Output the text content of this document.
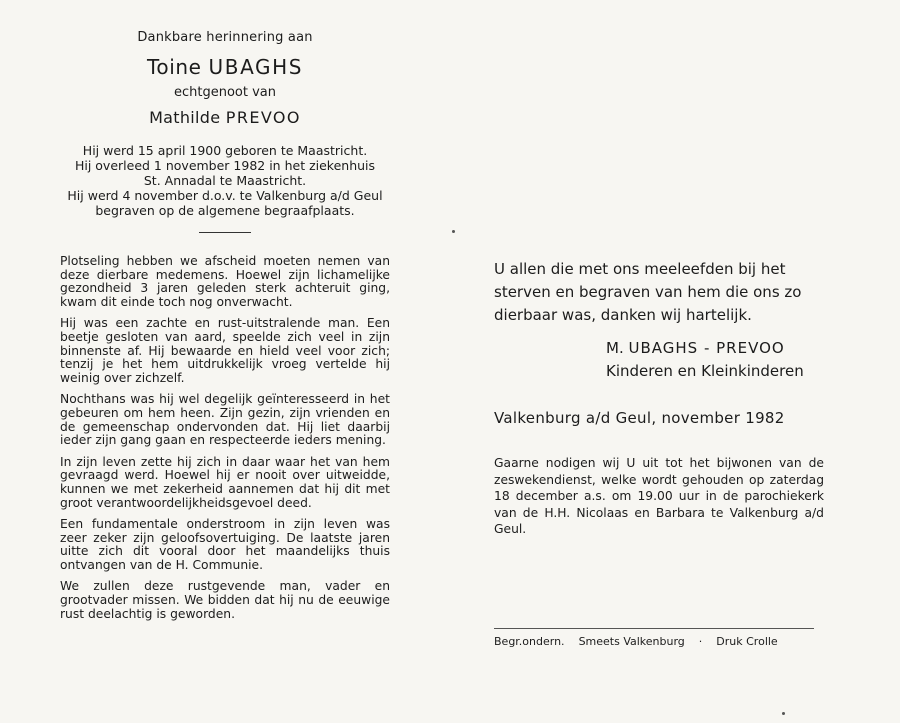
Dankbare herinnering aan
Toine UBAGHS
echtgenoot van
Mathilde PREVOO
Hij werd 15 april 1900 geboren te Maastricht.
Hij overleed 1 november 1982 in het ziekenhuis
St. Annadal te Maastricht.
Hij werd 4 november d.o.v. te Valkenburg a/d Geul
begraven op de algemene begraafplaats.

Plotseling hebben we afscheid moeten nemen van deze dierbare medemens. Hoewel zijn lichamelijke gezondheid 3 jaren geleden sterk achteruit ging, kwam dit einde toch nog onverwacht.

Hij was een zachte en rust-uitstralende man. Een beetje gesloten van aard, speelde zich veel in zijn binnenste af. Hij bewaarde en hield veel voor zich; tenzij je het hem uitdrukkelijk vroeg vertelde hij weinig over zichzelf.

Nochthans was hij wel degelijk geïnteresseerd in het gebeuren om hem heen. Zijn gezin, zijn vrienden en de gemeenschap ondervonden dat. Hij liet daarbij ieder zijn gang gaan en respecteerde ieders mening.

In zijn leven zette hij zich in daar waar het van hem gevraagd werd. Hoewel hij er nooit over uitweidde, kunnen we met zekerheid aannemen dat hij dit met groot verantwoordelijkheidsgevoel deed.

Een fundamentale onderstroom in zijn leven was zeer zeker zijn geloofsovertuiging. De laatste jaren uitte zich dit vooral door het maandelijks thuis ontvangen van de H. Communie.

We zullen deze rustgevende man, vader en grootvader missen. We bidden dat hij nu de eeuwige rust deelachtig is geworden.

U allen die met ons meeleefden bij het sterven en begraven van hem die ons zo dierbaar was, danken wij hartelijk.

M. UBAGHS - PREVOO
Kinderen en Kleinkinderen
Valkenburg a/d Geul, november 1982

Gaarne nodigen wij U uit tot het bijwonen van de zeswekendienst, welke wordt gehouden op zaterdag 18 december a.s. om 19.00 uur in de parochiekerk van de H.H. Nicolaas en Barbara te Valkenburg a/d Geul.

Begr.ondern. Smeets Valkenburg · Druk Crolle
